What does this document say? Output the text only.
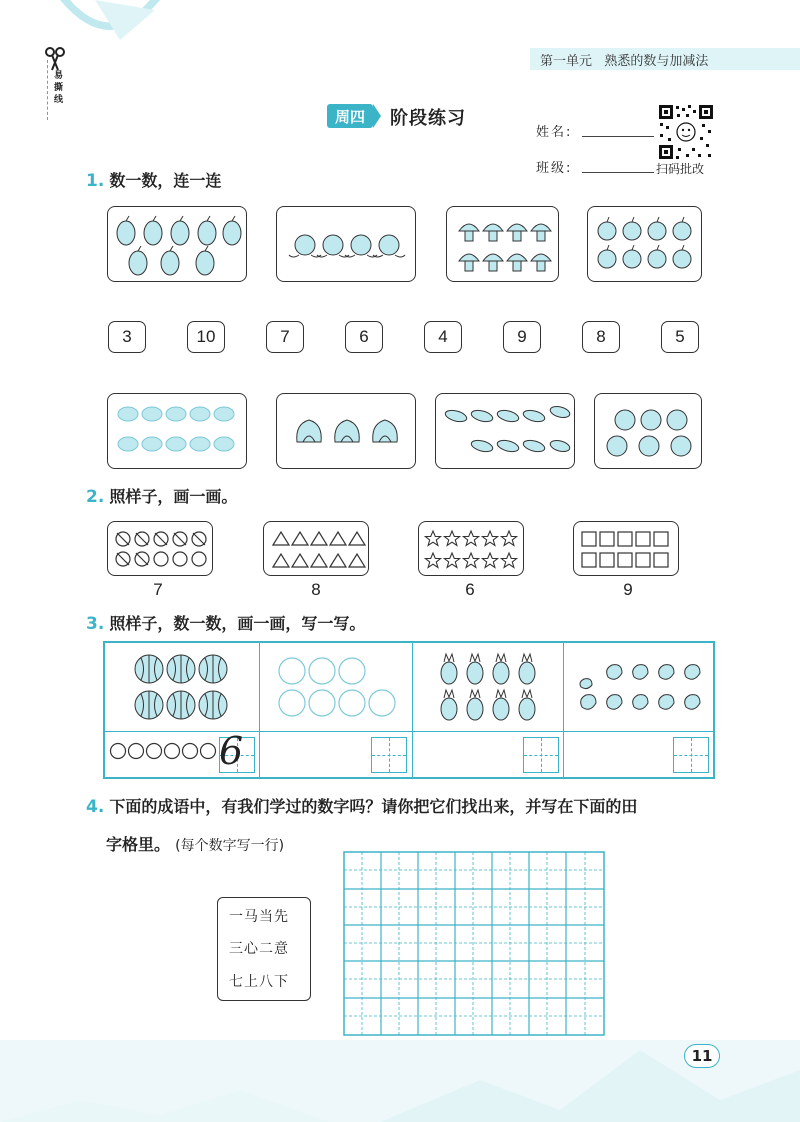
易撕线
第一单元 熟悉的数与加减法
周四	阶段练习
姓名:
班级:	扫码批改
1. 数一数，连一连
3	10	7	6	4	9	8	5
2. 照样子，画一画。
7	8	6	9
3. 照样子，数一数，画一画，写一写。
6
4. 下面的成语中，有我们学过的数字吗？请你把它们找出来，并写在下面的田
字格里。 (每个数字写一行)
一马当先
三心二意
七上八下
11
